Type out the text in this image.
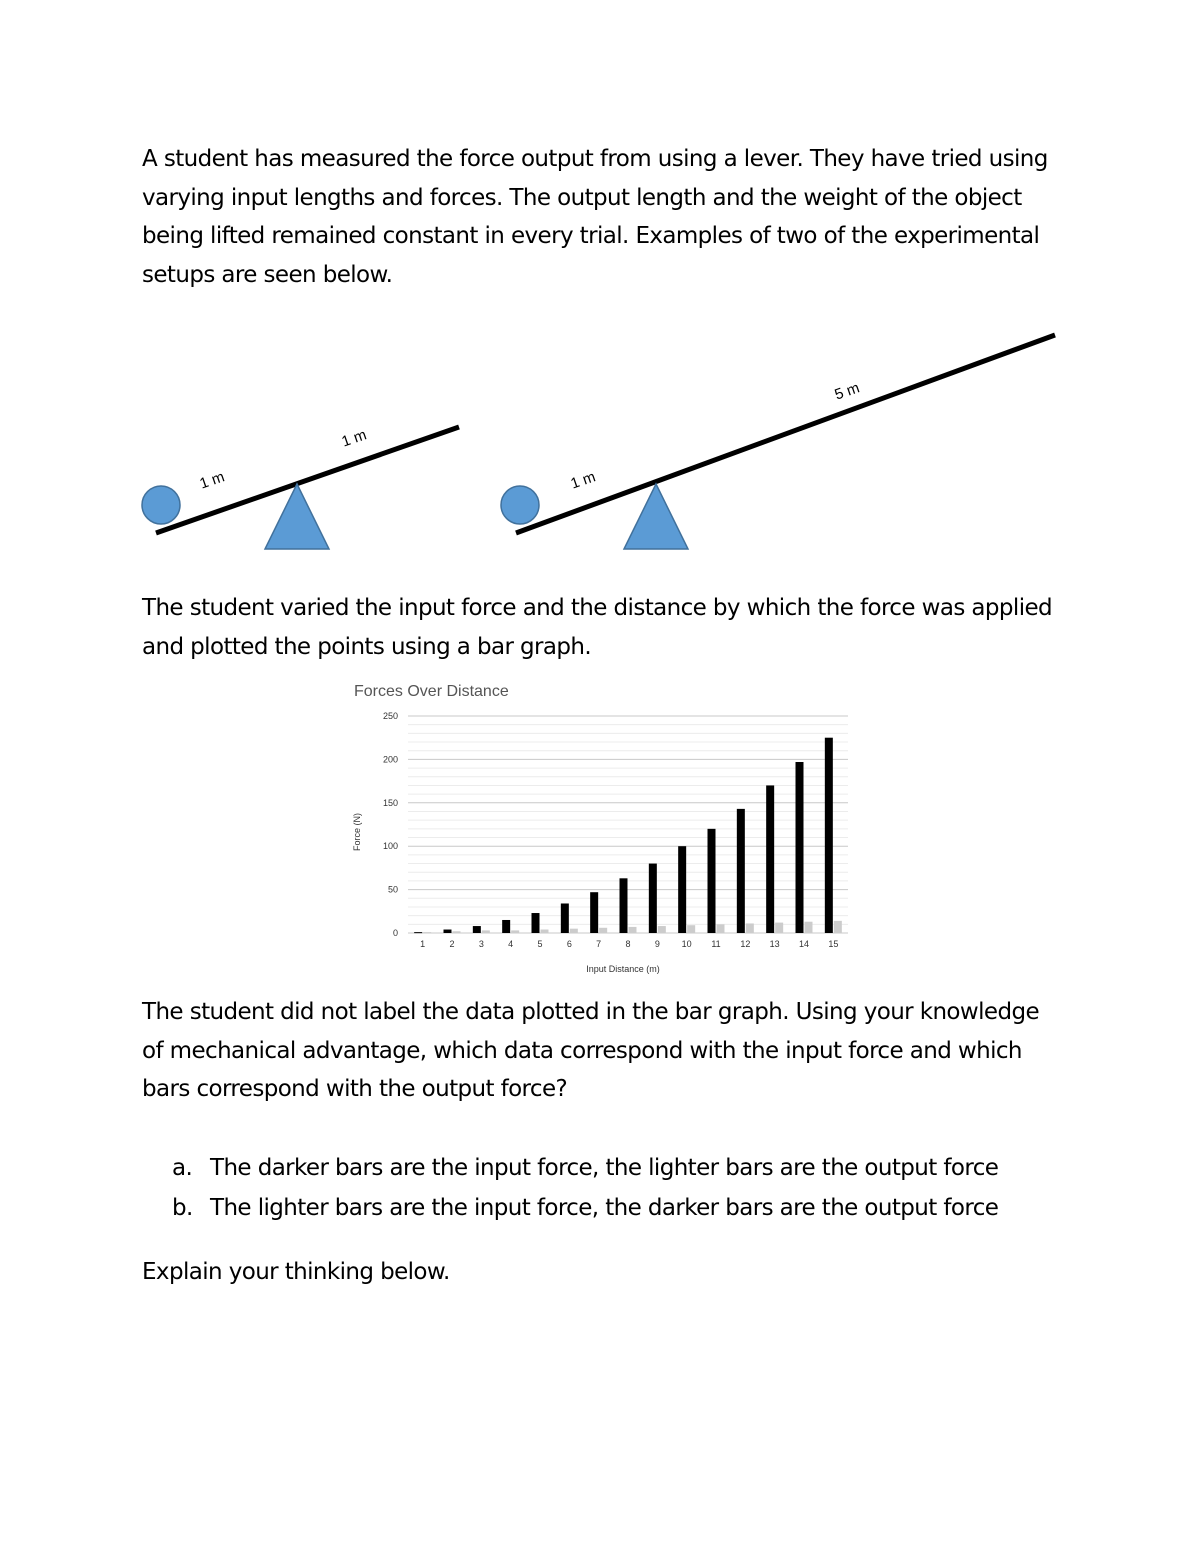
A student has measured the force output from using a lever. They have tried using varying input lengths and forces. The output length and the weight of the object being lifted remained constant in every trial. Examples of two of the experimental setups are seen below.

1 m
1 m
1 m
5 m

The student varied the input force and the distance by which the force was applied and plotted the points using a bar graph.

Forces Over Distance
0
50
100
150
200
250
1	2	3	4	5	6	7	8	9 10 11 12 13 14 15
Force (N)
Input Distance (m)

The student did not label the data plotted in the bar graph. Using your knowledge of mechanical advantage, which data correspond with the input force and which bars correspond with the output force?

a. The darker bars are the input force, the lighter bars are the output force
b. The lighter bars are the input force, the darker bars are the output force

Explain your thinking below.
